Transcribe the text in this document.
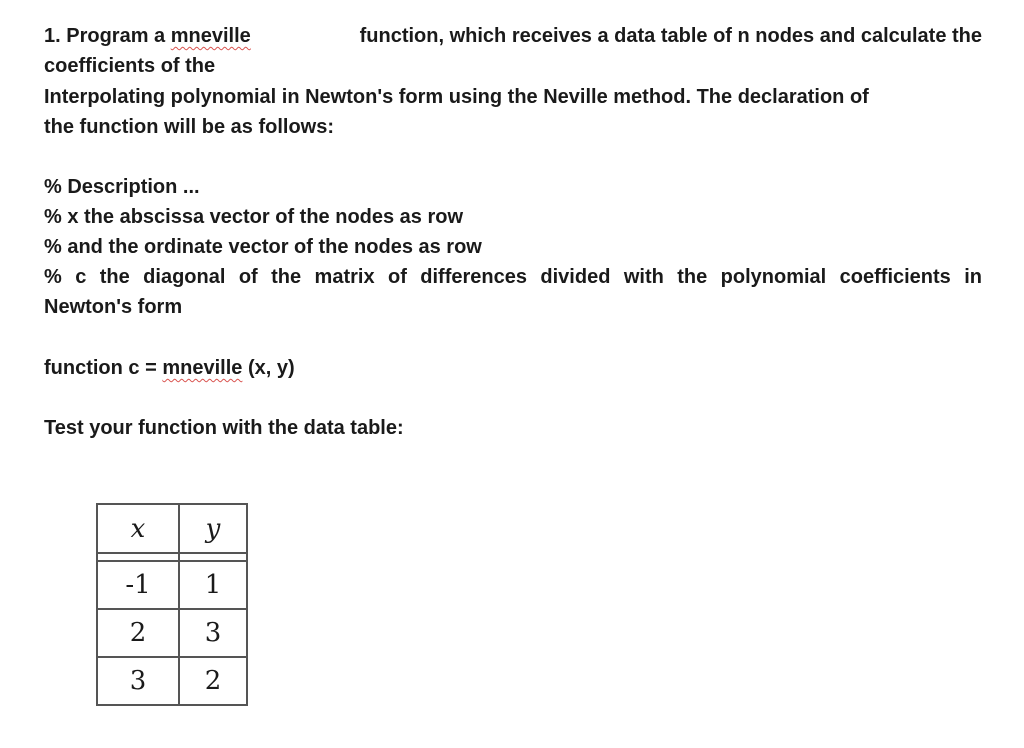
1. Program a mneville	function, which receives a data table of n nodes and calculate the
coefficients of the
Interpolating polynomial in Newton's form using the Neville method. The declaration of
the function will be as follows:
% Description ...
% x the abscissa vector of the nodes as row
% and the ordinate vector of the nodes as row
% c the diagonal of the matrix of differences divided with the polynomial coefficients in
Newton's form
function c = mneville (x, y)
Test your function with the data table:
x	y

-1	1
2	3
3	2
